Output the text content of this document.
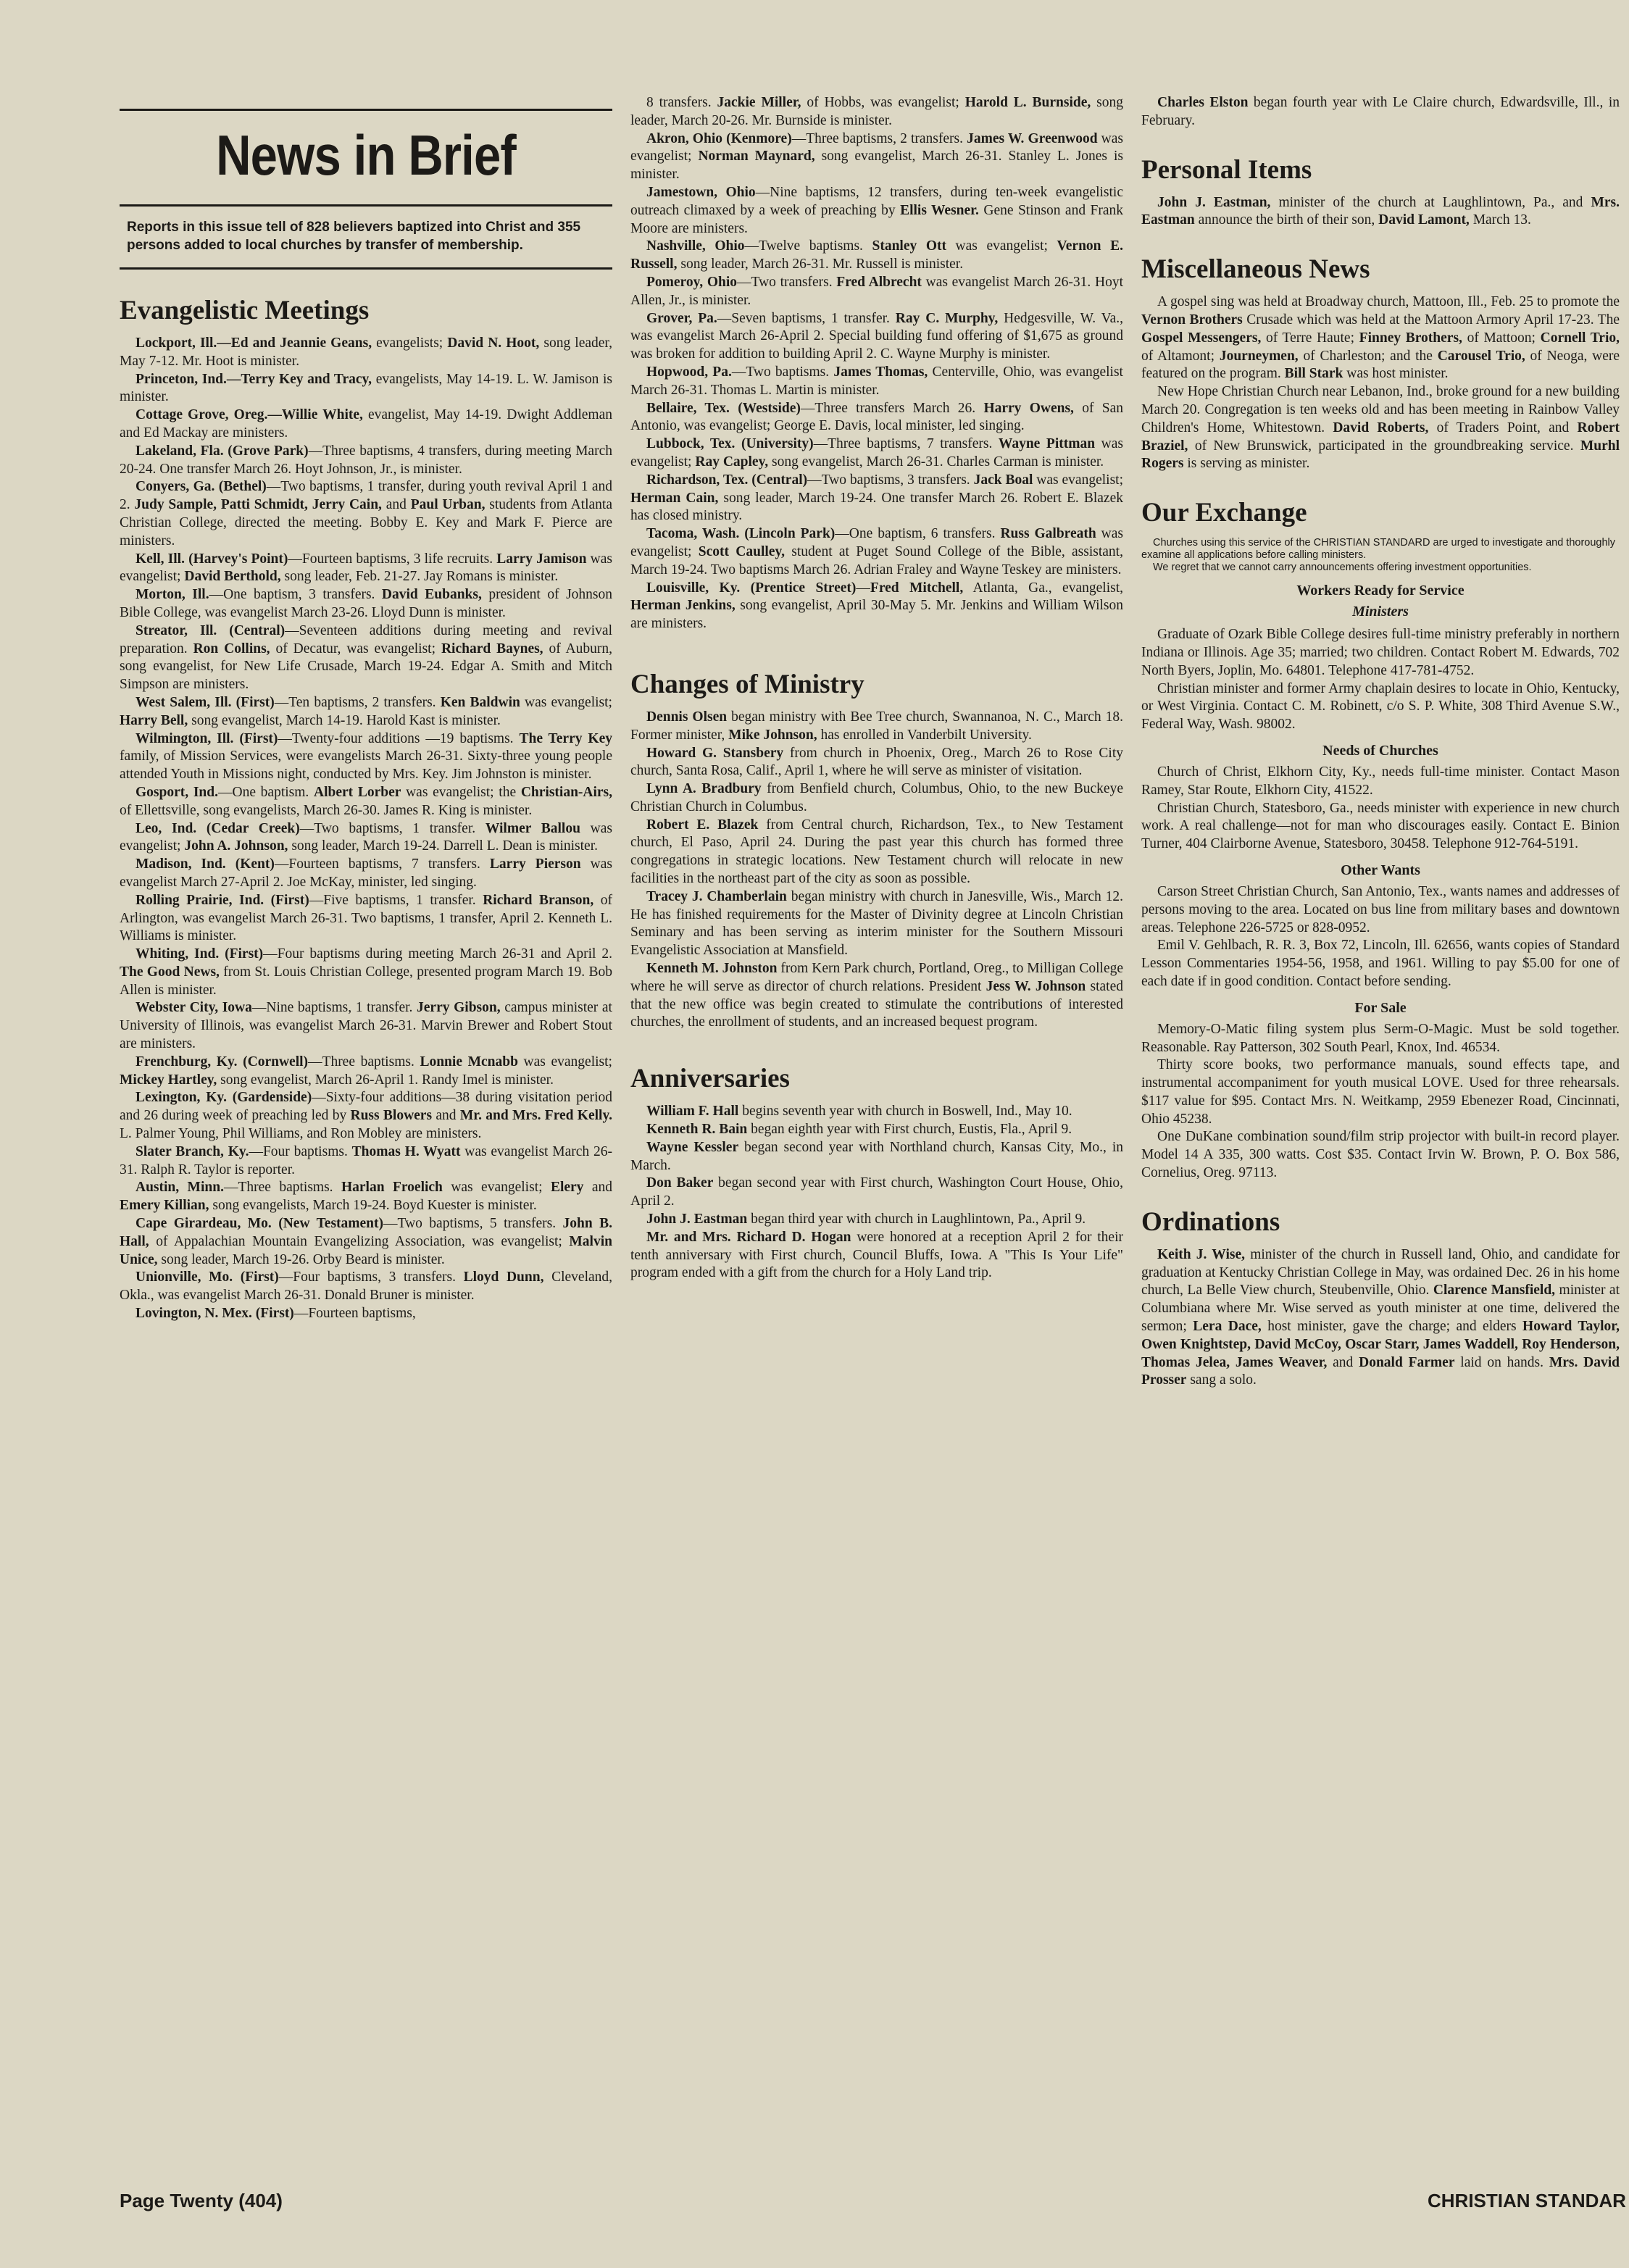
News in Brief
Reports in this issue tell of 828 believers baptized into Christ and 355 persons added to local churches by transfer of membership.
Evangelistic Meetings

Lockport, Ill.—Ed and Jeannie Geans, evangelists; David N. Hoot, song leader, May 7-12. Mr. Hoot is minister.

Princeton, Ind.—Terry Key and Tracy, evangelists, May 14-19. L. W. Jamison is minister.

Cottage Grove, Oreg.—Willie White, evangelist, May 14-19. Dwight Addleman and Ed Mackay are ministers.

Lakeland, Fla. (Grove Park)—Three baptisms, 4 transfers, during meeting March 20-24. One transfer March 26. Hoyt Johnson, Jr., is minister.

Conyers, Ga. (Bethel)—Two baptisms, 1 transfer, during youth revival April 1 and 2. Judy Sample, Patti Schmidt, Jerry Cain, and Paul Urban, students from Atlanta Christian College, directed the meeting. Bobby E. Key and Mark F. Pierce are ministers.

Kell, Ill. (Harvey's Point)—Fourteen baptisms, 3 life recruits. Larry Jamison was evangelist; David Berthold, song leader, Feb. 21-27. Jay Romans is minister.

Morton, Ill.—One baptism, 3 transfers. David Eubanks, president of Johnson Bible College, was evangelist March 23-26. Lloyd Dunn is minister.

Streator, Ill. (Central)—Seventeen additions during meeting and revival preparation. Ron Collins, of Decatur, was evangelist; Richard Baynes, of Auburn, song evangelist, for New Life Crusade, March 19-24. Edgar A. Smith and Mitch Simpson are ministers.

West Salem, Ill. (First)—Ten baptisms, 2 transfers. Ken Baldwin was evangelist; Harry Bell, song evangelist, March 14-19. Harold Kast is minister.

Wilmington, Ill. (First)—Twenty-four additions —19 baptisms. The Terry Key family, of Mission Services, were evangelists March 26-31. Sixty-three young people attended Youth in Missions night, conducted by Mrs. Key. Jim Johnston is minister.

Gosport, Ind.—One baptism. Albert Lorber was evangelist; the Christian-Airs, of Ellettsville, song evangelists, March 26-30. James R. King is minister.

Leo, Ind. (Cedar Creek)—Two baptisms, 1 transfer. Wilmer Ballou was evangelist; John A. Johnson, song leader, March 19-24. Darrell L. Dean is minister.

Madison, Ind. (Kent)—Fourteen baptisms, 7 transfers. Larry Pierson was evangelist March 27-April 2. Joe McKay, minister, led singing.

Rolling Prairie, Ind. (First)—Five baptisms, 1 transfer. Richard Branson, of Arlington, was evangelist March 26-31. Two baptisms, 1 transfer, April 2. Kenneth L. Williams is minister.

Whiting, Ind. (First)—Four baptisms during meeting March 26-31 and April 2. The Good News, from St. Louis Christian College, presented program March 19. Bob Allen is minister.

Webster City, Iowa—Nine baptisms, 1 transfer. Jerry Gibson, campus minister at University of Illinois, was evangelist March 26-31. Marvin Brewer and Robert Stout are ministers.

Frenchburg, Ky. (Cornwell)—Three baptisms. Lonnie Mcnabb was evangelist; Mickey Hartley, song evangelist, March 26-April 1. Randy Imel is minister.

Lexington, Ky. (Gardenside)—Sixty-four additions—38 during visitation period and 26 during week of preaching led by Russ Blowers and Mr. and Mrs. Fred Kelly. L. Palmer Young, Phil Williams, and Ron Mobley are ministers.

Slater Branch, Ky.—Four baptisms. Thomas H. Wyatt was evangelist March 26-31. Ralph R. Taylor is reporter.

Austin, Minn.—Three baptisms. Harlan Froelich was evangelist; Elery and Emery Killian, song evangelists, March 19-24. Boyd Kuester is minister.

Cape Girardeau, Mo. (New Testament)—Two baptisms, 5 transfers. John B. Hall, of Appalachian Mountain Evangelizing Association, was evangelist; Malvin Unice, song leader, March 19-26. Orby Beard is minister.

Unionville, Mo. (First)—Four baptisms, 3 transfers. Lloyd Dunn, Cleveland, Okla., was evangelist March 26-31. Donald Bruner is minister.

Lovington, N. Mex. (First)—Fourteen baptisms,

8 transfers. Jackie Miller, of Hobbs, was evangelist; Harold L. Burnside, song leader, March 20-26. Mr. Burnside is minister.

Akron, Ohio (Kenmore)—Three baptisms, 2 transfers. James W. Greenwood was evangelist; Norman Maynard, song evangelist, March 26-31. Stanley L. Jones is minister.

Jamestown, Ohio—Nine baptisms, 12 transfers, during ten-week evangelistic outreach climaxed by a week of preaching by Ellis Wesner. Gene Stinson and Frank Moore are ministers.

Nashville, Ohio—Twelve baptisms. Stanley Ott was evangelist; Vernon E. Russell, song leader, March 26-31. Mr. Russell is minister.

Pomeroy, Ohio—Two transfers. Fred Albrecht was evangelist March 26-31. Hoyt Allen, Jr., is minister.

Grover, Pa.—Seven baptisms, 1 transfer. Ray C. Murphy, Hedgesville, W. Va., was evangelist March 26-April 2. Special building fund offering of $1,675 as ground was broken for addition to building April 2. C. Wayne Murphy is minister.

Hopwood, Pa.—Two baptisms. James Thomas, Centerville, Ohio, was evangelist March 26-31. Thomas L. Martin is minister.

Bellaire, Tex. (Westside)—Three transfers March 26. Harry Owens, of San Antonio, was evangelist; George E. Davis, local minister, led singing.

Lubbock, Tex. (University)—Three baptisms, 7 transfers. Wayne Pittman was evangelist; Ray Capley, song evangelist, March 26-31. Charles Carman is minister.

Richardson, Tex. (Central)—Two baptisms, 3 transfers. Jack Boal was evangelist; Herman Cain, song leader, March 19-24. One transfer March 26. Robert E. Blazek has closed ministry.

Tacoma, Wash. (Lincoln Park)—One baptism, 6 transfers. Russ Galbreath was evangelist; Scott Caulley, student at Puget Sound College of the Bible, assistant, March 19-24. Two baptisms March 26. Adrian Fraley and Wayne Teskey are ministers.

Louisville, Ky. (Prentice Street)—Fred Mitchell, Atlanta, Ga., evangelist, Herman Jenkins, song evangelist, April 30-May 5. Mr. Jenkins and William Wilson are ministers.

Changes of Ministry

Dennis Olsen began ministry with Bee Tree church, Swannanoa, N. C., March 18. Former minister, Mike Johnson, has enrolled in Vanderbilt University.

Howard G. Stansbery from church in Phoenix, Oreg., March 26 to Rose City church, Santa Rosa, Calif., April 1, where he will serve as minister of visitation.

Lynn A. Bradbury from Benfield church, Columbus, Ohio, to the new Buckeye Christian Church in Columbus.

Robert E. Blazek from Central church, Richardson, Tex., to New Testament church, El Paso, April 24. During the past year this church has formed three congregations in strategic locations. New Testament church will relocate in new facilities in the northeast part of the city as soon as possible.

Tracey J. Chamberlain began ministry with church in Janesville, Wis., March 12. He has finished requirements for the Master of Divinity degree at Lincoln Christian Seminary and has been serving as interim minister for the Southern Missouri Evangelistic Association at Mansfield.

Kenneth M. Johnston from Kern Park church, Portland, Oreg., to Milligan College where he will serve as director of church relations. President Jess W. Johnson stated that the new office was begin created to stimulate the contributions of interested churches, the enrollment of students, and an increased bequest program.

Anniversaries

William F. Hall begins seventh year with church in Boswell, Ind., May 10.

Kenneth R. Bain began eighth year with First church, Eustis, Fla., April 9.

Wayne Kessler began second year with Northland church, Kansas City, Mo., in March.

Don Baker began second year with First church, Washington Court House, Ohio, April 2.

John J. Eastman began third year with church in Laughlintown, Pa., April 9.

Mr. and Mrs. Richard D. Hogan were honored at a reception April 2 for their tenth anniversary with First church, Council Bluffs, Iowa. A "This Is Your Life" program ended with a gift from the church for a Holy Land trip.

Charles Elston began fourth year with Le Claire church, Edwardsville, Ill., in February.

Personal Items

John J. Eastman, minister of the church at Laughlintown, Pa., and Mrs. Eastman announce the birth of their son, David Lamont, March 13.

Miscellaneous News

A gospel sing was held at Broadway church, Mattoon, Ill., Feb. 25 to promote the Vernon Brothers Crusade which was held at the Mattoon Armory April 17-23. The Gospel Messengers, of Terre Haute; Finney Brothers, of Mattoon; Cornell Trio, of Altamont; Journeymen, of Charleston; and the Carousel Trio, of Neoga, were featured on the program. Bill Stark was host minister.

New Hope Christian Church near Lebanon, Ind., broke ground for a new building March 20. Congregation is ten weeks old and has been meeting in Rainbow Valley Children's Home, Whitestown. David Roberts, of Traders Point, and Robert Braziel, of New Brunswick, participated in the groundbreaking service. Murhl Rogers is serving as minister.

Our Exchange

Churches using this service of the CHRISTIAN STANDARD are urged to investigate and thoroughly examine all applications before calling ministers.

We regret that we cannot carry announcements offering investment opportunities.

Workers Ready for Service
Ministers

Graduate of Ozark Bible College desires full-time ministry preferably in northern Indiana or Illinois. Age 35; married; two children. Contact Robert M. Edwards, 702 North Byers, Joplin, Mo. 64801. Telephone 417-781-4752.

Christian minister and former Army chaplain desires to locate in Ohio, Kentucky, or West Virginia. Contact C. M. Robinett, c/o S. P. White, 308 Third Avenue S.W., Federal Way, Wash. 98002.

Needs of Churches

Church of Christ, Elkhorn City, Ky., needs full-time minister. Contact Mason Ramey, Star Route, Elkhorn City, 41522.

Christian Church, Statesboro, Ga., needs minister with experience in new church work. A real challenge—not for man who discourages easily. Contact E. Binion Turner, 404 Clairborne Avenue, Statesboro, 30458. Telephone 912-764-5191.

Other Wants

Carson Street Christian Church, San Antonio, Tex., wants names and addresses of persons moving to the area. Located on bus line from military bases and downtown areas. Telephone 226-5725 or 828-0952.

Emil V. Gehlbach, R. R. 3, Box 72, Lincoln, Ill. 62656, wants copies of Standard Lesson Commentaries 1954-56, 1958, and 1961. Willing to pay $5.00 for one of each date if in good condition. Contact before sending.

For Sale

Memory-O-Matic filing system plus Serm-O-Magic. Must be sold together. Reasonable. Ray Patterson, 302 South Pearl, Knox, Ind. 46534.

Thirty score books, two performance manuals, sound effects tape, and instrumental accompaniment for youth musical LOVE. Used for three rehearsals. $117 value for $95. Contact Mrs. N. Weitkamp, 2959 Ebenezer Road, Cincinnati, Ohio 45238.

One DuKane combination sound/film strip projector with built-in record player. Model 14 A 335, 300 watts. Cost $35. Contact Irvin W. Brown, P. O. Box 586, Cornelius, Oreg. 97113.

Ordinations

Keith J. Wise, minister of the church in Russell land, Ohio, and candidate for graduation at Kentucky Christian College in May, was ordained Dec. 26 in his home church, La Belle View church, Steubenville, Ohio. Clarence Mansfield, minister at Columbiana where Mr. Wise served as youth minister at one time, delivered the sermon; Lera Dace, host minister, gave the charge; and elders Howard Taylor, Owen Knightstep, David McCoy, Oscar Starr, James Waddell, Roy Henderson, Thomas Jelea, James Weaver, and Donald Farmer laid on hands. Mrs. David Prosser sang a solo.

Page Twenty (404)	CHRISTIAN STANDAR
